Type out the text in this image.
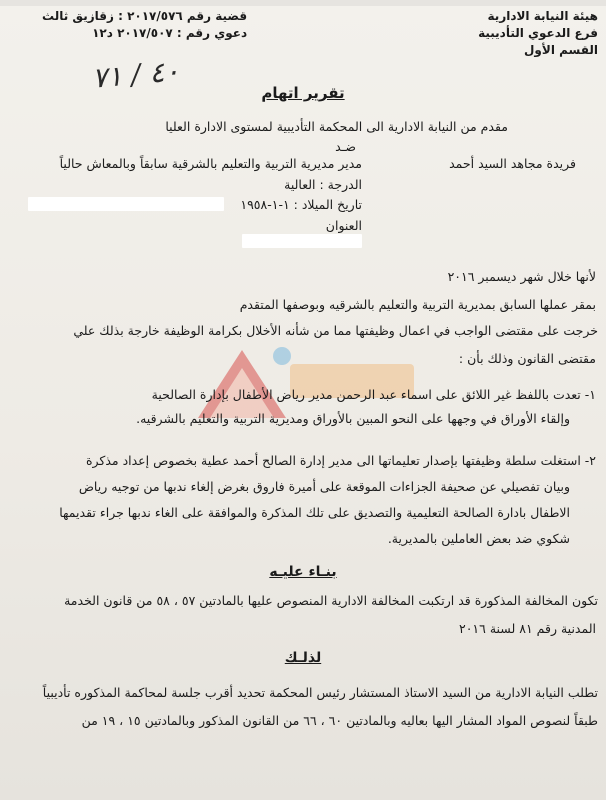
هيئة النيابة الادارية
فرع الدعوي التأديبية
القسم الأول
قضية رقم ٢٠١٧/٥٧٦ : زقازيق ثالث
دعوي رقم : ٢٠١٧/٥٠٧ د١٢
٤٠ / ٧١
تقرير اتهام
مقدم من النيابة الادارية الى المحكمة التأديبية لمستوى الادارة العليا
ضـد
فريدة مجاهد السيد أحمد
مدير مديرية التربية والتعليم بالشرقية سابقاً وبالمعاش حالياً
الدرجة : العالية
تاريخ الميلاد : ١-١-١٩٥٨
العنوان
لأنها خلال شهر ديسمبر ٢٠١٦
بمقر عملها السابق بمديرية التربية والتعليم بالشرقيه وبوصفها المتقدم
خرجت على مقتضى الواجب في اعمال وظيفتها مما من شأنه الأخلال بكرامة الوظيفة خارجة بذلك علي
مقتضى القانون وذلك بأن :
١- تعدت باللفظ غير اللائق على اسماء عبد الرحمن مدير رياض الأطفال بإدارة الصالحية
وإلقاء الأوراق في وجهها على النحو المبين بالأوراق ومديرية التربية والتعليم بالشرقيه.
٢- استغلت سلطة وظيفتها بإصدار تعليماتها الى مدير إدارة الصالح أحمد عطية بخصوص إعداد مذكرة
وبيان تفصيلي عن صحيفة الجزاءات الموقعة على أميرة فاروق بغرض إلغاء ندبها من توجيه رياض
الاطفال بادارة الصالحة التعليمية والتصديق على تلك المذكرة والموافقة على الغاء ندبها جراء تقديمها
شكوي ضد بعض العاملين بالمديرية.
بنـاء عليـه
تكون المخالفة المذكورة قد ارتكبت المخالفة الادارية المنصوص عليها بالمادتين ٥٧ ، ٥٨ من قانون الخدمة
المدنية رقم ٨١ لسنة ٢٠١٦
لذلـك
تطلب النيابة الادارية من السيد الاستاذ المستشار رئيس المحكمة تحديد أقرب جلسة لمحاكمة المذكوره تأديبياً
طبقاً لنصوص المواد المشار اليها بعاليه وبالمادتين ٦٠ ، ٦٦ من القانون المذكور وبالمادتين ١٥ ، ١٩ من
